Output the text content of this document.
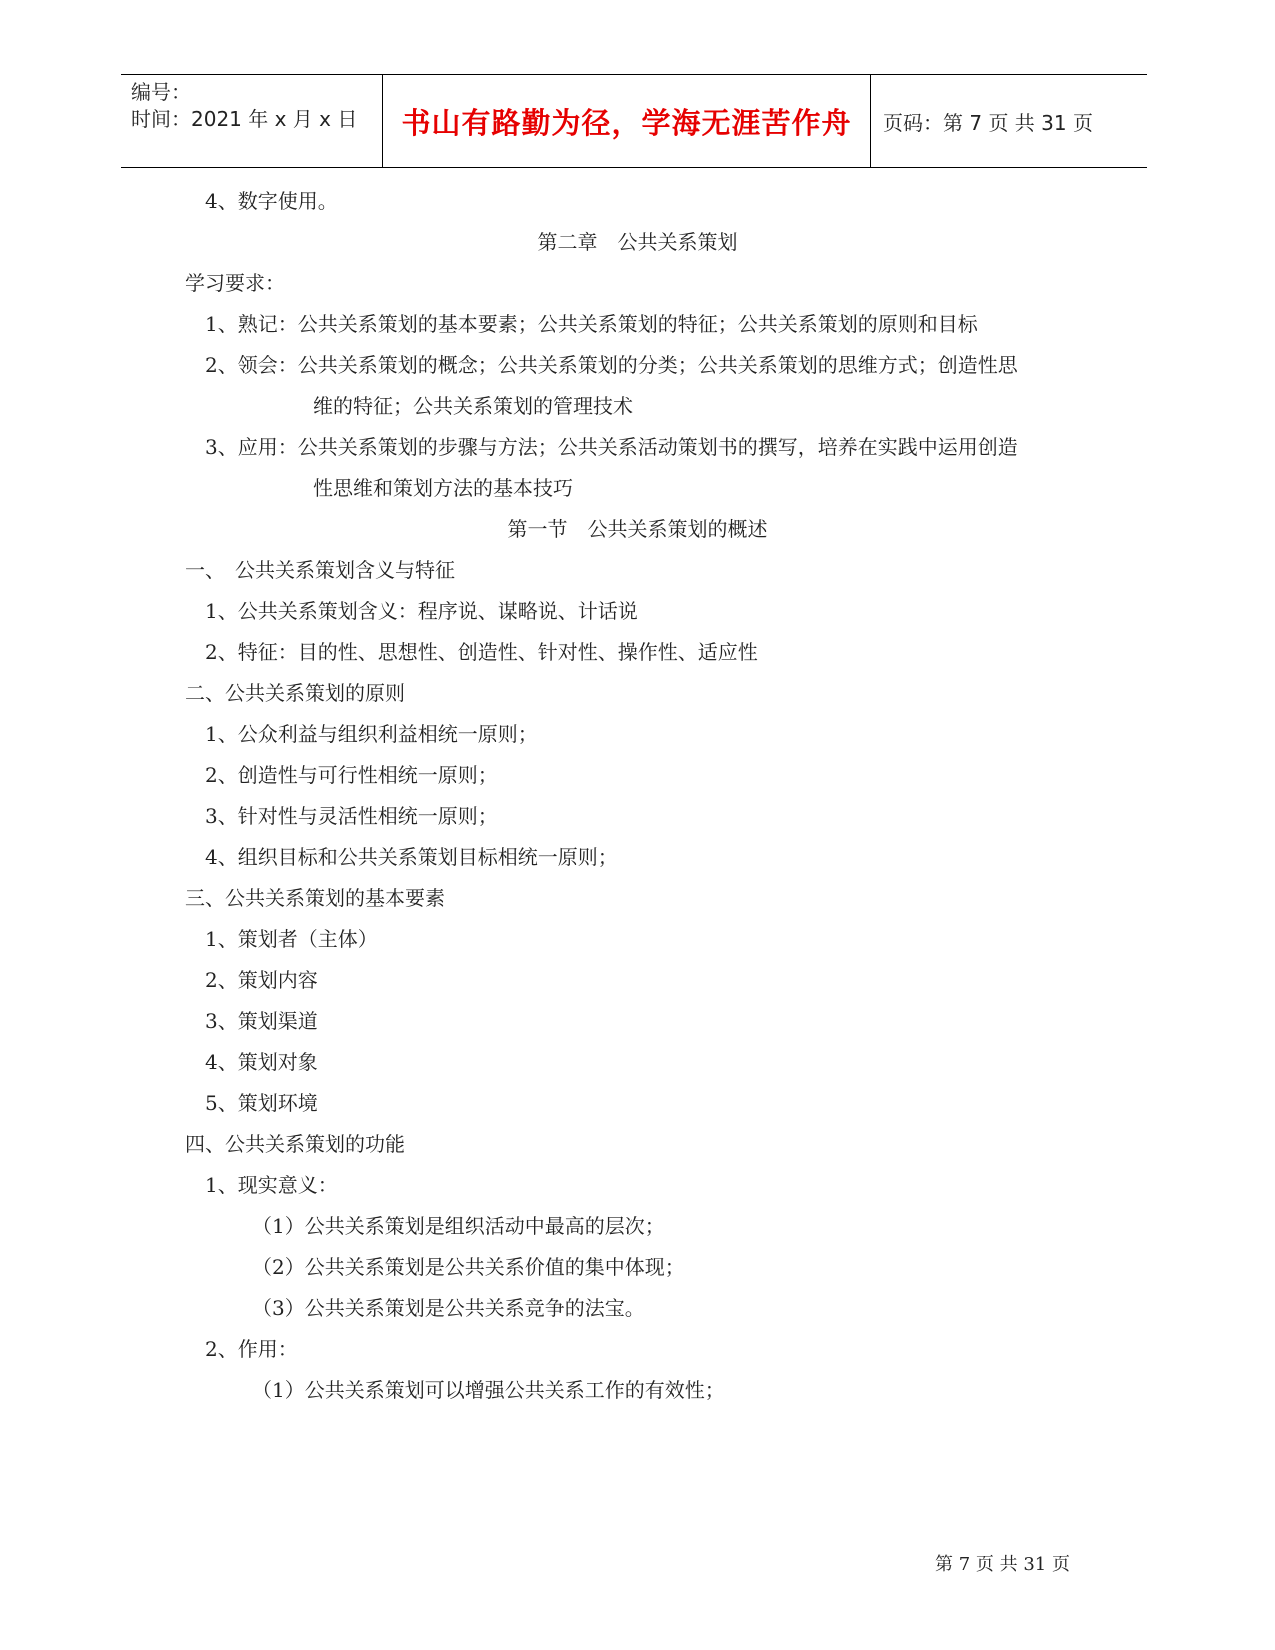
编号：
时间：2021 年 x 月 x 日	书山有路勤为径，学海无涯苦作舟	页码：第 7 页 共 31 页
4、数字使用。
第二章　公共关系策划
学习要求：
1、熟记：公共关系策划的基本要素；公共关系策划的特征；公共关系策划的原则和目标
2、领会：公共关系策划的概念；公共关系策划的分类；公共关系策划的思维方式；创造性思
维的特征；公共关系策划的管理技术
3、应用：公共关系策划的步骤与方法；公共关系活动策划书的撰写，培养在实践中运用创造
性思维和策划方法的基本技巧
第一节　公共关系策划的概述
一、　公共关系策划含义与特征
1、公共关系策划含义：程序说、谋略说、计话说
2、特征：目的性、思想性、创造性、针对性、操作性、适应性
二、公共关系策划的原则
1、公众利益与组织利益相统一原则；
2、创造性与可行性相统一原则；
3、针对性与灵活性相统一原则；
4、组织目标和公共关系策划目标相统一原则；
三、公共关系策划的基本要素
1、策划者（主体）
2、策划内容
3、策划渠道
4、策划对象
5、策划环境
四、公共关系策划的功能
1、现实意义：
（1）公共关系策划是组织活动中最高的层次；
（2）公共关系策划是公共关系价值的集中体现；
（3）公共关系策划是公共关系竞争的法宝。
2、作用：
（1）公共关系策划可以增强公共关系工作的有效性；
第 7 页 共 31 页
